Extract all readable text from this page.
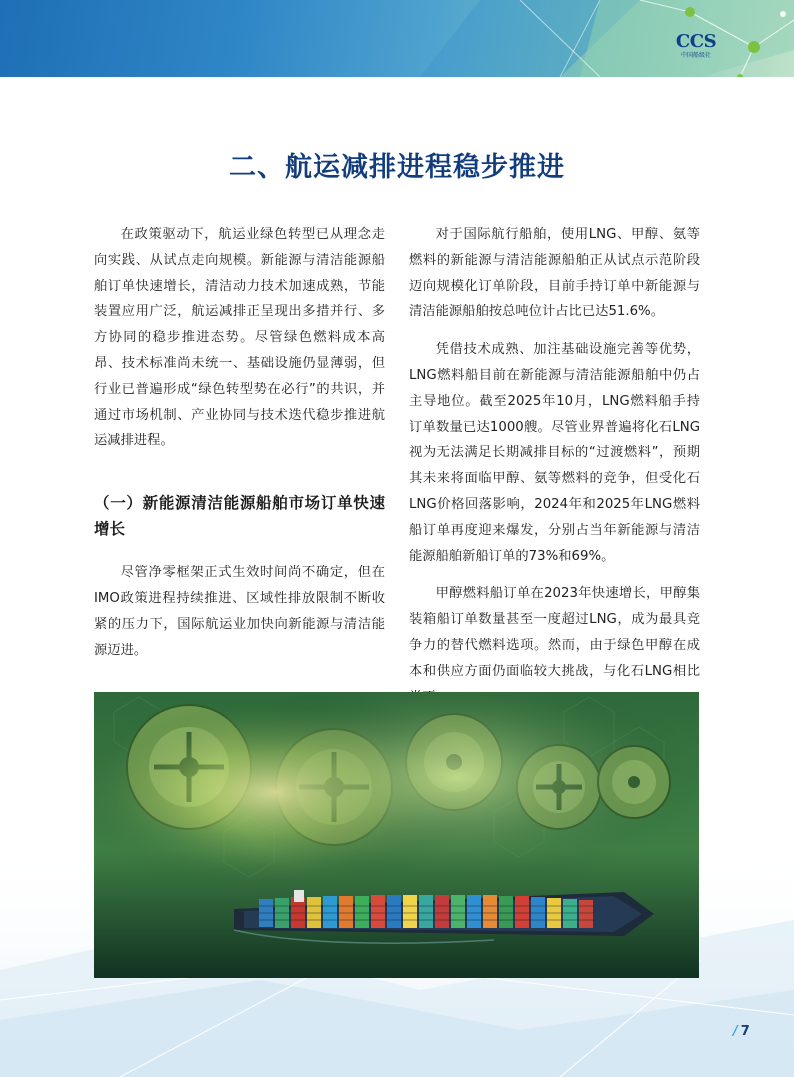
CCS
中国船级社
二、航运减排进程稳步推进

在政策驱动下，航运业绿色转型已从理念走向实践、从试点走向规模。新能源与清洁能源船舶订单快速增长，清洁动力技术加速成熟，节能装置应用广泛，航运减排正呈现出多措并行、多方协同的稳步推进态势。尽管绿色燃料成本高昂、技术标准尚未统一、基础设施仍显薄弱，但行业已普遍形成“绿色转型势在必行”的共识，并通过市场机制、产业协同与技术迭代稳步推进航运减排进程。

（一）新能源清洁能源船舶市场订单快速增长

尽管净零框架正式生效时间尚不确定，但在IMO政策进程持续推进、区域性排放限制不断收紧的压力下，国际航运业加快向新能源与清洁能源迈进。

对于国际航行船舶，使用LNG、甲醇、氨等燃料的新能源与清洁能源船舶正从试点示范阶段迈向规模化订单阶段，目前手持订单中新能源与清洁能源船舶按总吨位计占比已达51.6%。

凭借技术成熟、加注基础设施完善等优势，LNG燃料船目前在新能源与清洁能源船舶中仍占主导地位。截至2025年10月，LNG燃料船手持订单数量已达1000艘。尽管业界普遍将化石LNG视为无法满足长期减排目标的“过渡燃料”，预期其未来将面临甲醇、氨等燃料的竞争，但受化石LNG价格回落影响，2024年和2025年LNG燃料船订单再度迎来爆发，分别占当年新能源与清洁能源船舶新船订单的73%和69%。

甲醇燃料船订单在2023年快速增长，甲醇集装箱船订单数量甚至一度超过LNG，成为最具竞争力的替代燃料选项。然而，由于绿色甲醇在成本和供应方面仍面临较大挑战，与化石LNG相比

/ 7
